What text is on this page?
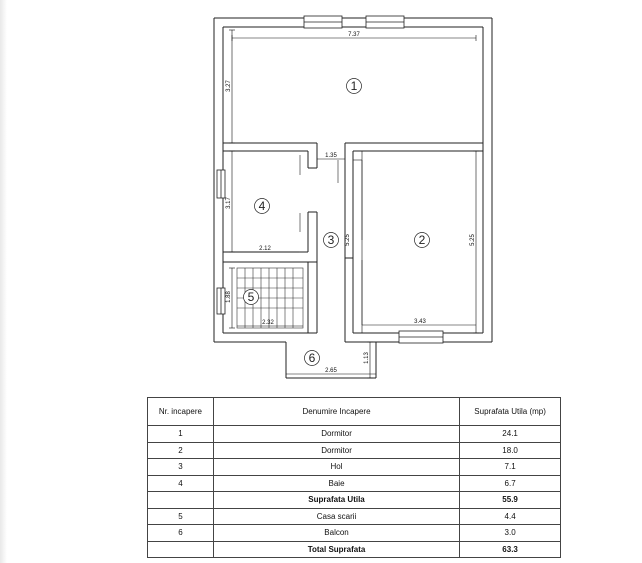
7.37
3.27
1.35
3.17
2.12
5.25	5.25
1.88
2.32	3.43
1.13
2.65
1
2
3
4
5
6
Nr. incapere	Denumire Incapere	Suprafata Utila (mp)
1	Dormitor	24.1
2	Dormitor	18.0
3	Hol	7.1
4	Baie	6.7
	Suprafata Utila	55.9
5	Casa scarii	4.4
6	Balcon	3.0
	Total Suprafata	63.3
